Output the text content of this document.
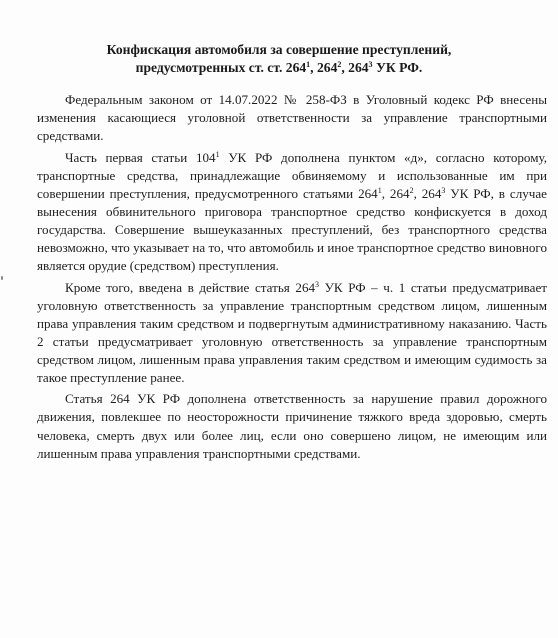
Конфискация автомобиля за совершение преступлений,
предусмотренных ст. ст. $264^1$, $264^2$, $264^3$ УК РФ.

Федеральным законом от 14.07.2022 № 258-ФЗ в Уголовный кодекс РФ внесены изменения касающиеся уголовной ответственности за управление транспортными средствами.

Часть первая статьи $104^1$ УК РФ дополнена пунктом «д», согласно которому, транспортные средства, принадлежащие обвиняемому и использованные им при совершении преступления, предусмотренного статьями $264^1$, $264^2$, $264^3$ УК РФ, в случае вынесения обвинительного приговора транспортное средство конфискуется в доход государства. Совершение вышеуказанных преступлений, без транспортного средства невозможно, что указывает на то, что автомобиль и иное транспортное средство виновного является орудие (средством) преступления.

Кроме того, введена в действие статья $264^3$ УК РФ – ч. 1 статьи предусматривает уголовную ответственность за управление транспортным средством лицом, лишенным права управления таким средством и подвергнутым административному наказанию. Часть 2 статьи предусматривает уголовную ответственность за управление транспортным средством лицом, лишенным права управления таким средством и имеющим судимость за такое преступление ранее.

Статья 264 УК РФ дополнена ответственность за нарушение правил дорожного движения, повлекшее по неосторожности причинение тяжкого вреда здоровью, смерть человека, смерть двух или более лиц, если оно совершено лицом, не имеющим или лишенным права управления транспортными средствами.
